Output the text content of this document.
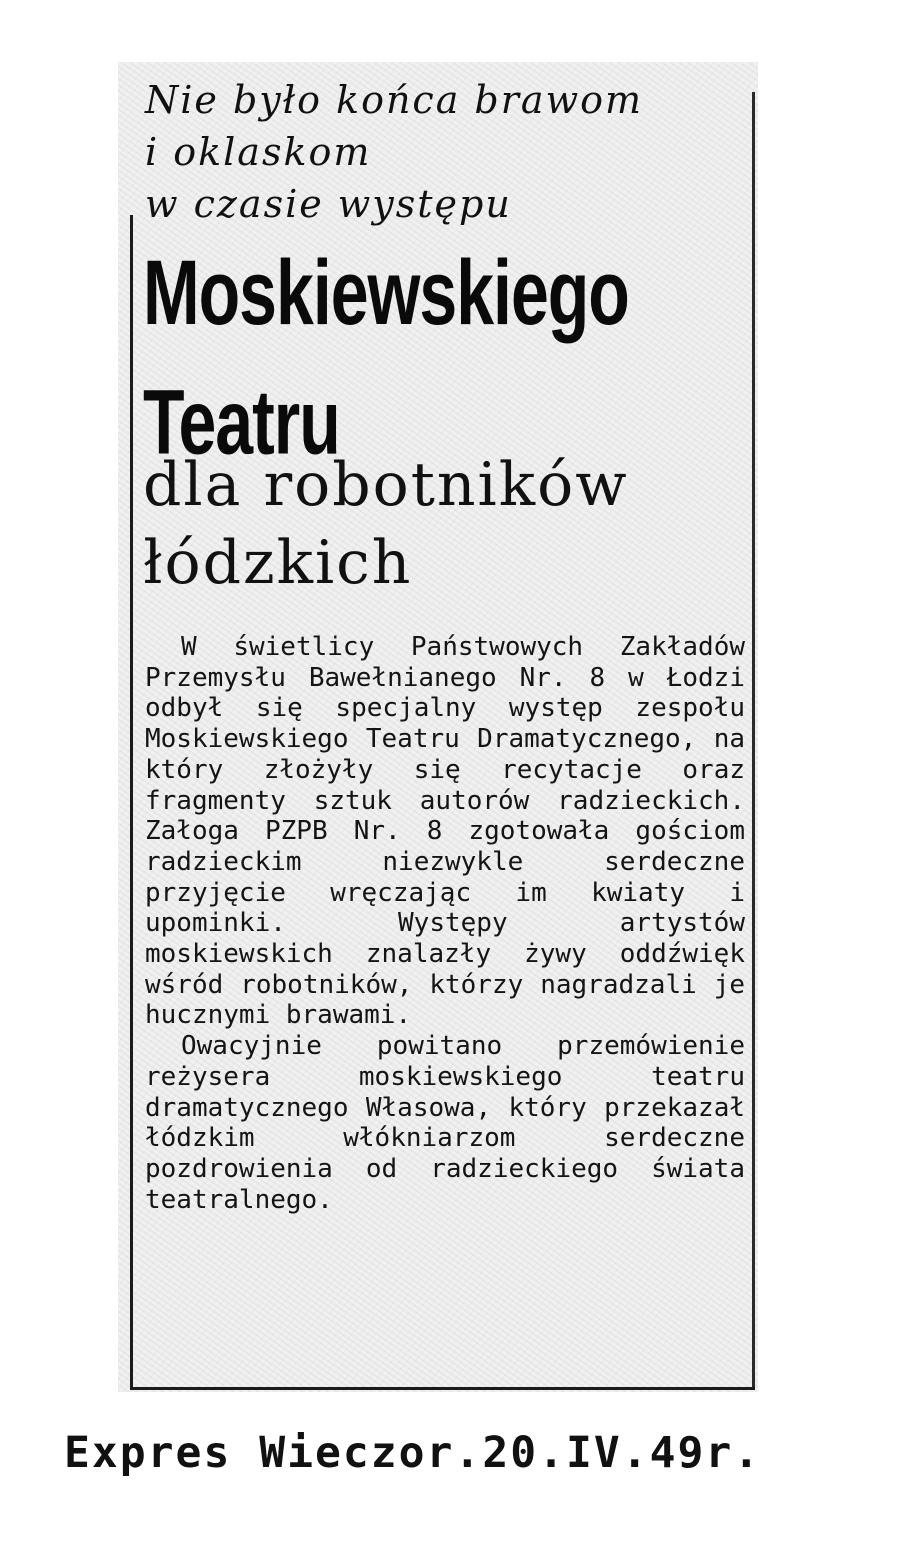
Nie było końca brawom
i oklaskom
w czasie występu
Moskiewskiego
Teatru
dla robotników
łódzkich

W świetlicy Państwowych Zakładów Przemysłu Bawełnianego Nr. 8 w Łodzi odbył się specjalny występ zespołu Moskiewskiego Teatru Dramatycznego, na który złożyły się recytacje oraz fragmenty sztuk autorów radzieckich. Załoga PZPB Nr. 8 zgotowała gościom radzieckim niezwykle serdeczne przyjęcie wręczając im kwiaty i upominki. Występy artystów moskiewskich znalazły żywy oddźwięk wśród robotników, którzy nagradzali je hucznymi brawami.

Owacyjnie powitano przemówienie reżysera moskiewskiego teatru dramatycznego Własowa, który przekazał łódzkim włókniarzom serdeczne pozdrowienia od radzieckiego świata teatralnego.

Expres Wieczor.20.IV.49r.
